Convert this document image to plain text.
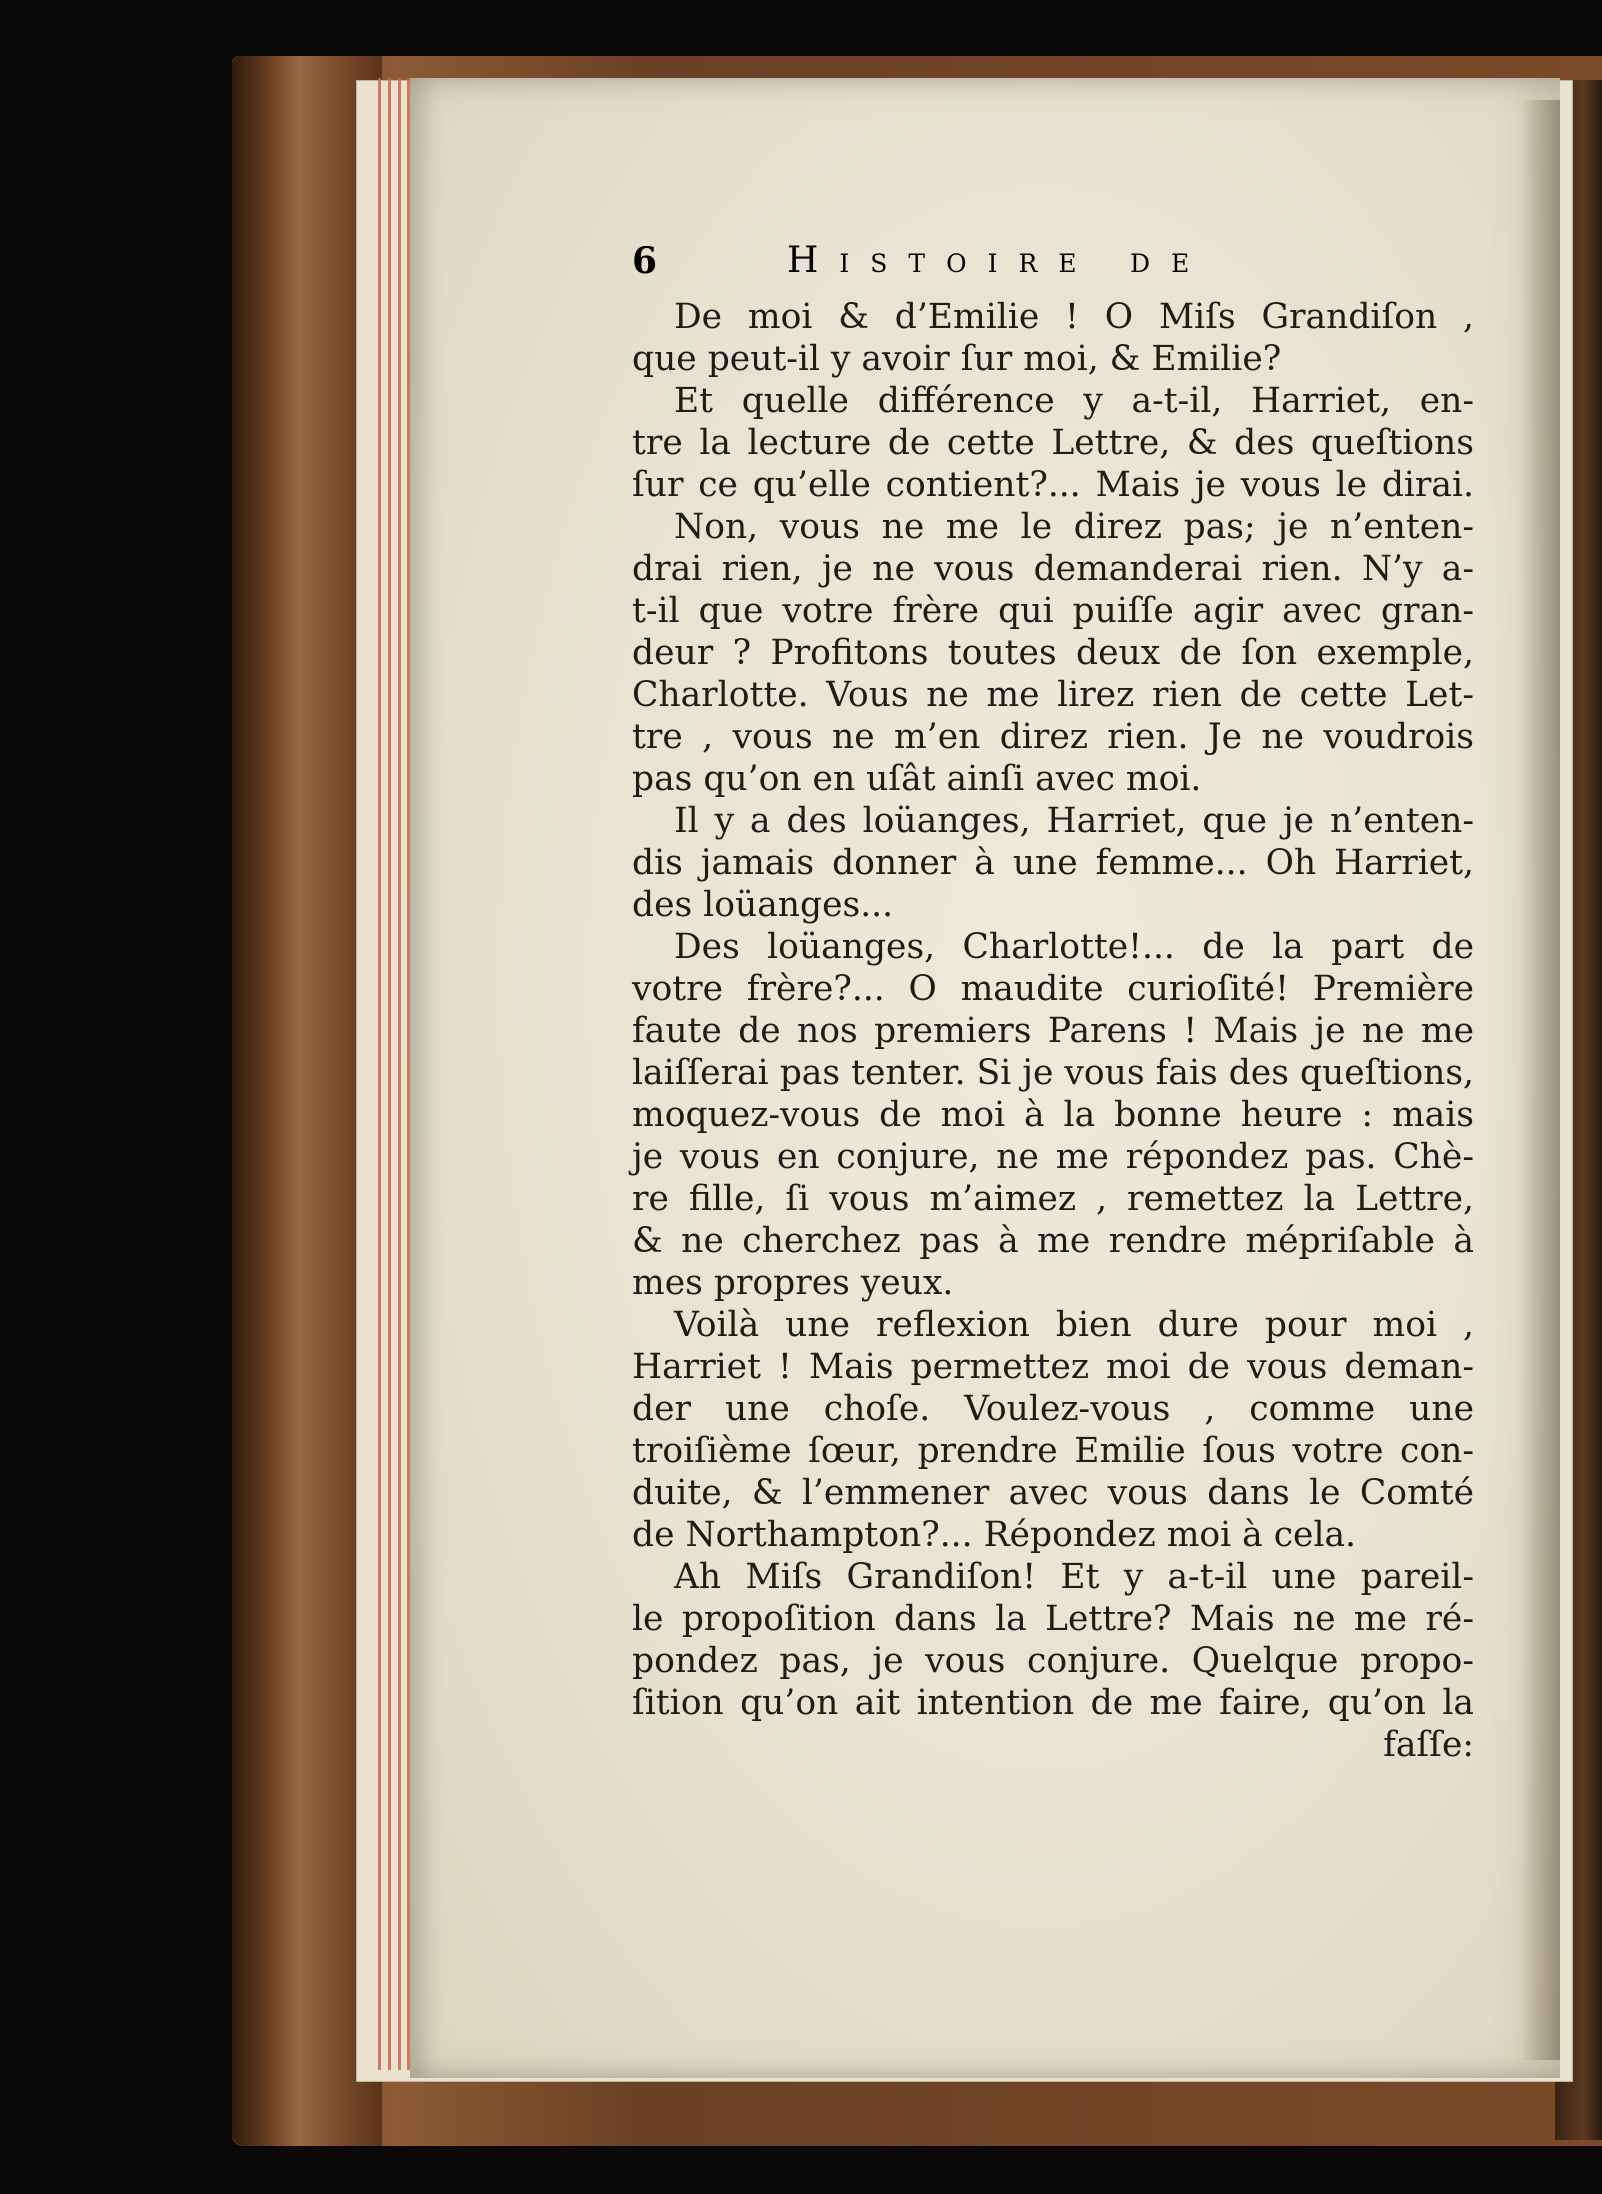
6	Histoire de
De moi & d’Emilie ! O Miſs Grandiſon ,
que peut-il y avoir ſur moi, & Emilie?
Et quelle différence y a-t-il, Harriet, en-
tre la lecture de cette Lettre, & des queſtions
ſur ce qu’elle contient?... Mais je vous le dirai.
Non, vous ne me le direz pas; je n’enten-
drai rien, je ne vous demanderai rien. N’y a-
t-il que votre frère qui puiſſe agir avec gran-
deur ? Profitons toutes deux de ſon exemple,
Charlotte. Vous ne me lirez rien de cette Let-
tre , vous ne m’en direz rien. Je ne voudrois
pas qu’on en uſât ainſi avec moi.
Il y a des loüanges, Harriet, que je n’enten-
dis jamais donner à une femme... Oh Harriet,
des loüanges...
Des loüanges, Charlotte!... de la part de
votre frère?... O maudite curioſité! Première
faute de nos premiers Parens ! Mais je ne me
laiſſerai pas tenter. Si je vous fais des queſtions,
moquez-vous de moi à la bonne heure : mais
je vous en conjure, ne me répondez pas. Chè-
re fille, ſi vous m’aimez , remettez la Lettre,
& ne cherchez pas à me rendre mépriſable à
mes propres yeux.
Voilà une reflexion bien dure pour moi ,
Harriet ! Mais permettez moi de vous deman-
der une choſe. Voulez-vous , comme une
troiſième ſœur, prendre Emilie ſous votre con-
duite, & l’emmener avec vous dans le Comté
de Northampton?... Répondez moi à cela.
Ah Miſs Grandiſon! Et y a-t-il une pareil-
le propoſition dans la Lettre? Mais ne me ré-
pondez pas, je vous conjure. Quelque propo-
ſition qu’on ait intention de me faire, qu’on la
faſſe:
